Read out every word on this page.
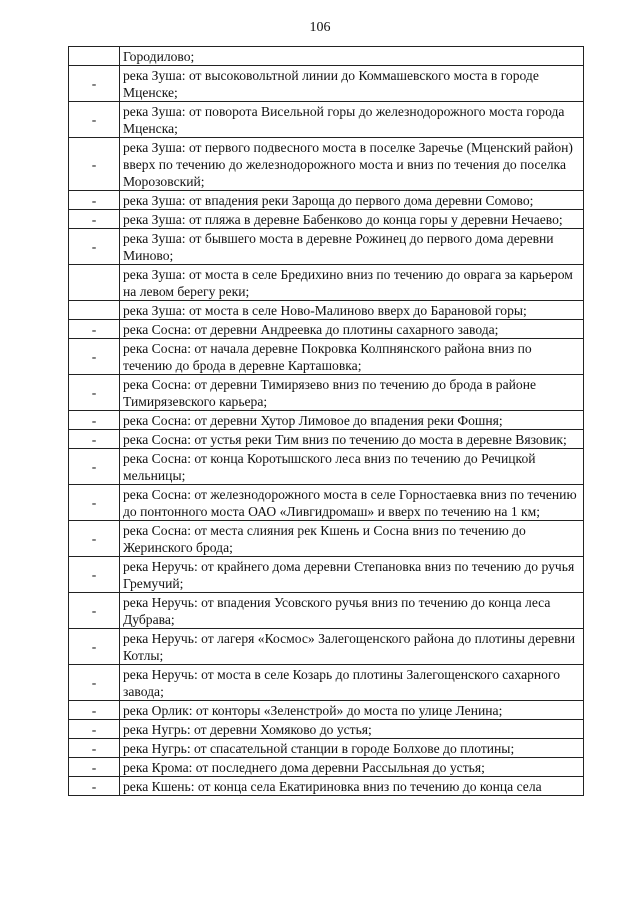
106
	Городилово;
-	река Зуша: от высоковольтной линии до Коммашевского моста в городе Мценске;
-	река Зуша: от поворота Висельной горы до железнодорожного моста города Мценска;
-	река Зуша: от первого подвесного моста в поселке Заречье (Мценский район) вверх по течению до железнодорожного моста и вниз по течения до поселка Морозовский;
-	река Зуша: от впадения реки Зароща до первого дома деревни Сомово;
-	река Зуша: от пляжа в деревне Бабенково до конца горы у деревни Нечаево;
-	река Зуша: от бывшего моста в деревне Рожинец до первого дома деревни Миново;
	река Зуша: от моста в селе Бредихино вниз по течению до оврага за карьером на левом берегу реки;
	река Зуша: от моста в селе Ново-Малиново вверх до Барановой горы;
-	река Сосна: от деревни Андреевка до плотины сахарного завода;
-	река Сосна: от начала деревне Покровка Колпнянского района вниз по течению до брода в деревне Карташовка;
-	река Сосна: от деревни Тимирязево вниз по течению до брода в районе Тимирязевского карьера;
-	река Сосна: от деревни Хутор Лимовое до впадения реки Фошня;
-	река Сосна: от устья реки Тим вниз по течению до моста в деревне Вязовик;
-	река Сосна: от конца Коротышского леса вниз по течению до Речицкой мельницы;
-	река Сосна: от железнодорожного моста в селе Горностаевка вниз по течению до понтонного моста ОАО «Ливгидромаш» и вверх по течению на 1 км;
-	река Сосна: от места слияния рек Кшень и Сосна вниз по течению до Жеринского брода;
-	река Неручь: от крайнего дома деревни Степановка вниз по течению до ручья Гремучий;
-	река Неручь: от впадения Усовского ручья вниз по течению до конца леса Дубрава;
-	река Неручь: от лагеря «Космос» Залегощенского района до плотины деревни Котлы;
-	река Неручь: от моста в селе Козарь до плотины Залегощенского сахарного завода;
-	река Орлик: от конторы «Зеленстрой» до моста по улице Ленина;
-	река Нугрь: от деревни Хомяково до устья;
-	река Нугрь: от спасательной станции в городе Болхове до плотины;
-	река Крома: от последнего дома деревни Рассыльная до устья;
-	река Кшень: от конца села Екатириновка вниз по течению до конца села
